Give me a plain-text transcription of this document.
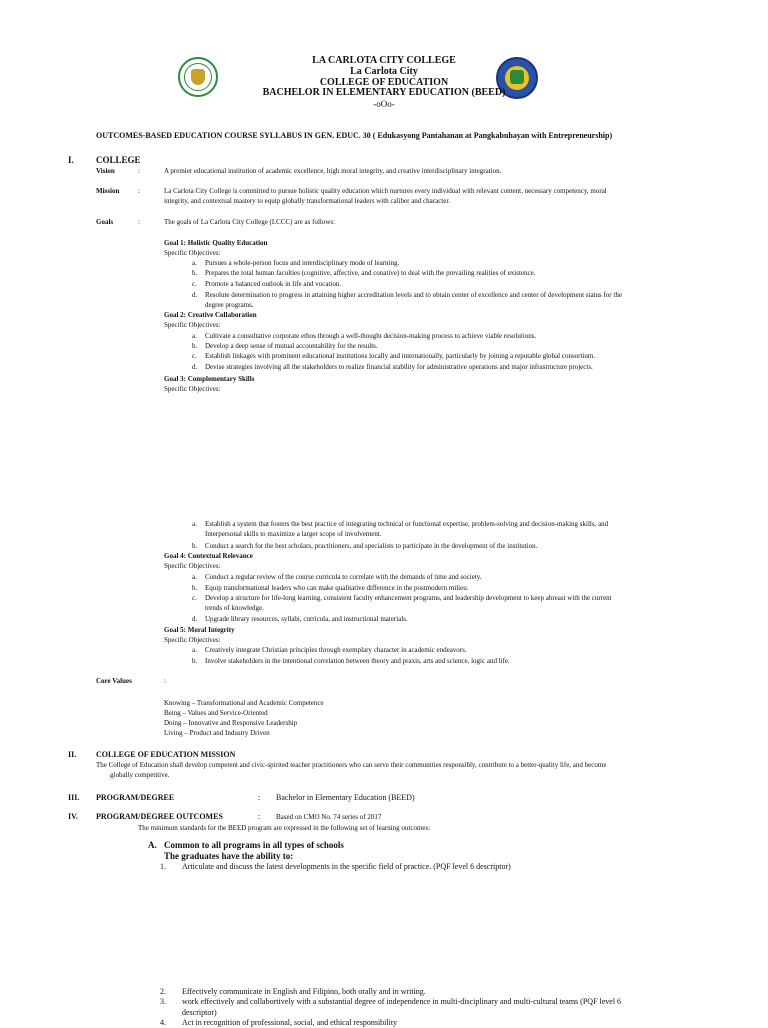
LA CARLOTA CITY COLLEGE
La Carlota City
COLLEGE OF EDUCATION
BACHELOR IN ELEMENTARY EDUCATION (BEED)
-oOo-
OUTCOMES-BASED EDUCATION COURSE SYLLABUS IN GEN. EDUC. 30 ( Edukasyong Pantahanan at Pangkabuhayan with Entrepreneurship)
I. COLLEGE
Vision	:	A premier educational institution of academic excellence, high moral integrity, and creative interdisciplinary integration.
Mission	:	La Carlota City College is committed to pursue holistic quality education which nurtures every individual with relevant content, necessary competency, moral
integrity, and contextual mastery to equip globally transformational leaders with caliber and character.
Goals	:	The goals of La Carlota City College (LCCC) are as follows:
Goal 1: Holistic Quality Education
Specific Objectives:
a. Pursues a whole-person focus and interdisciplinary mode of learning.
b. Prepares the total human faculties (cognitive, affective, and conative) to deal with the prevailing realities of existence.
c. Promote a balanced outlook in life and vocation.
d. Resolute determination to progress in attaining higher accreditation levels and to obtain center of excellence and center of development status for the
degree programs.
Goal 2: Creative Collaboration
Specific Objectives:
a. Cultivate a consultative corporate ethos through a well-thought decision-making process to achieve viable resolutions.
b. Develop a deep sense of mutual accountability for the results.
c. Establish linkages with prominent educational institutions locally and internationally, particularly by joining a reputable global consortium.
d. Devise strategies involving all the stakeholders to realize financial stability for administrative operations and major infrastructure projects.
Goal 3: Complementary Skills
Specific Objectives:
a. Establish a system that fosters the best practice of integrating technical or functional expertise, problem-solving and decision-making skills, and
Interpersonal skills to maximize a larger scope of involvement.
b. Conduct a search for the best scholars, practitioners, and specialists to participate in the development of the institution.
Goal 4: Contextual Relevance
Specific Objectives:
a. Conduct a regular review of the course curricula to correlate with the demands of time and society.
b. Equip transformational leaders who can make qualitative difference in the postmodern milieu.
c. Develop a structure for life-long learning, consistent faculty enhancement programs, and leadership development to keep abreast with the current
trends of knowledge.
d. Upgrade library resources, syllabi, curricula, and instructional materials.
Goal 5: Moral Integrity
Specific Objectives:
a. Creatively integrate Christian principles through exemplary character in academic endeavors.
b. Involve stakeholders in the intentional correlation between theory and praxis, arts and science, logic and life.
Core Values	:
Knowing – Transformational and Academic Competence
Being – Values and Service-Oriented
Doing – Innovative and Responsive Leadership
Living – Product and Industry Driven
II. COLLEGE OF EDUCATION MISSION
The College of Education shall develop competent and civic-spirited teacher practitioners who can serve their communities responsibly, contribute to a better-quality life, and become
globally competitive.
III. PROGRAM/DEGREE	: Bachelor in Elementary Education (BEED)
IV. PROGRAM/DEGREE OUTCOMES	: Based on CMO No. 74 series of 2017
The minimum standards for the BEED program are expressed in the following set of learning outcomes:
A. Common to all programs in all types of schools
The graduates have the ability to:
1. Articulate and discuss the latest developments in the specific field of practice. (PQF level 6 descriptor)
2. Effectively communicate in English and Filipino, both orally and in writing.
3. work effectively and collabortively with a substantial degree of independence in multi-disciplinary and multi-cultural teams (PQF level 6
descriptor)
4. Act in recognition of professional, social, and ethical responsibility
